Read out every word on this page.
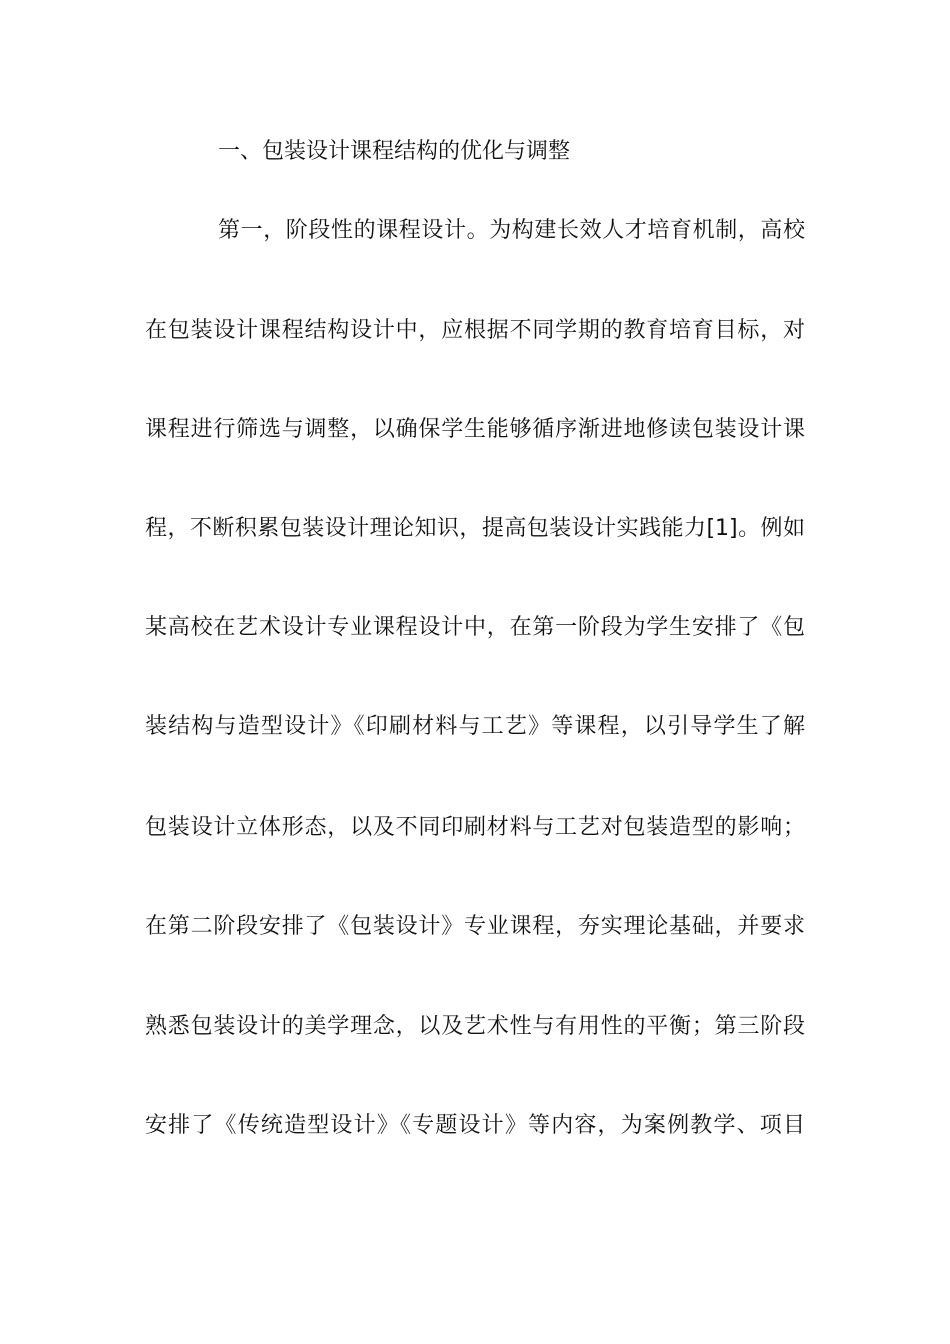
一、包装设计课程结构的优化与调整
第一，阶段性的课程设计。为构建长效人才培育机制，高校
在包装设计课程结构设计中，应根据不同学期的教育培育目标，对
课程进行筛选与调整，以确保学生能够循序渐进地修读包装设计课
程，不断积累包装设计理论知识，提高包装设计实践能力[1]。例如
某高校在艺术设计专业课程设计中，在第一阶段为学生安排了《包
装结构与造型设计》《印刷材料与工艺》等课程，以引导学生了解
包装设计立体形态，以及不同印刷材料与工艺对包装造型的影响；
在第二阶段安排了《包装设计》专业课程，夯实理论基础，并要求
熟悉包装设计的美学理念，以及艺术性与有用性的平衡；第三阶段
安排了《传统造型设计》《专题设计》等内容，为案例教学、项目
